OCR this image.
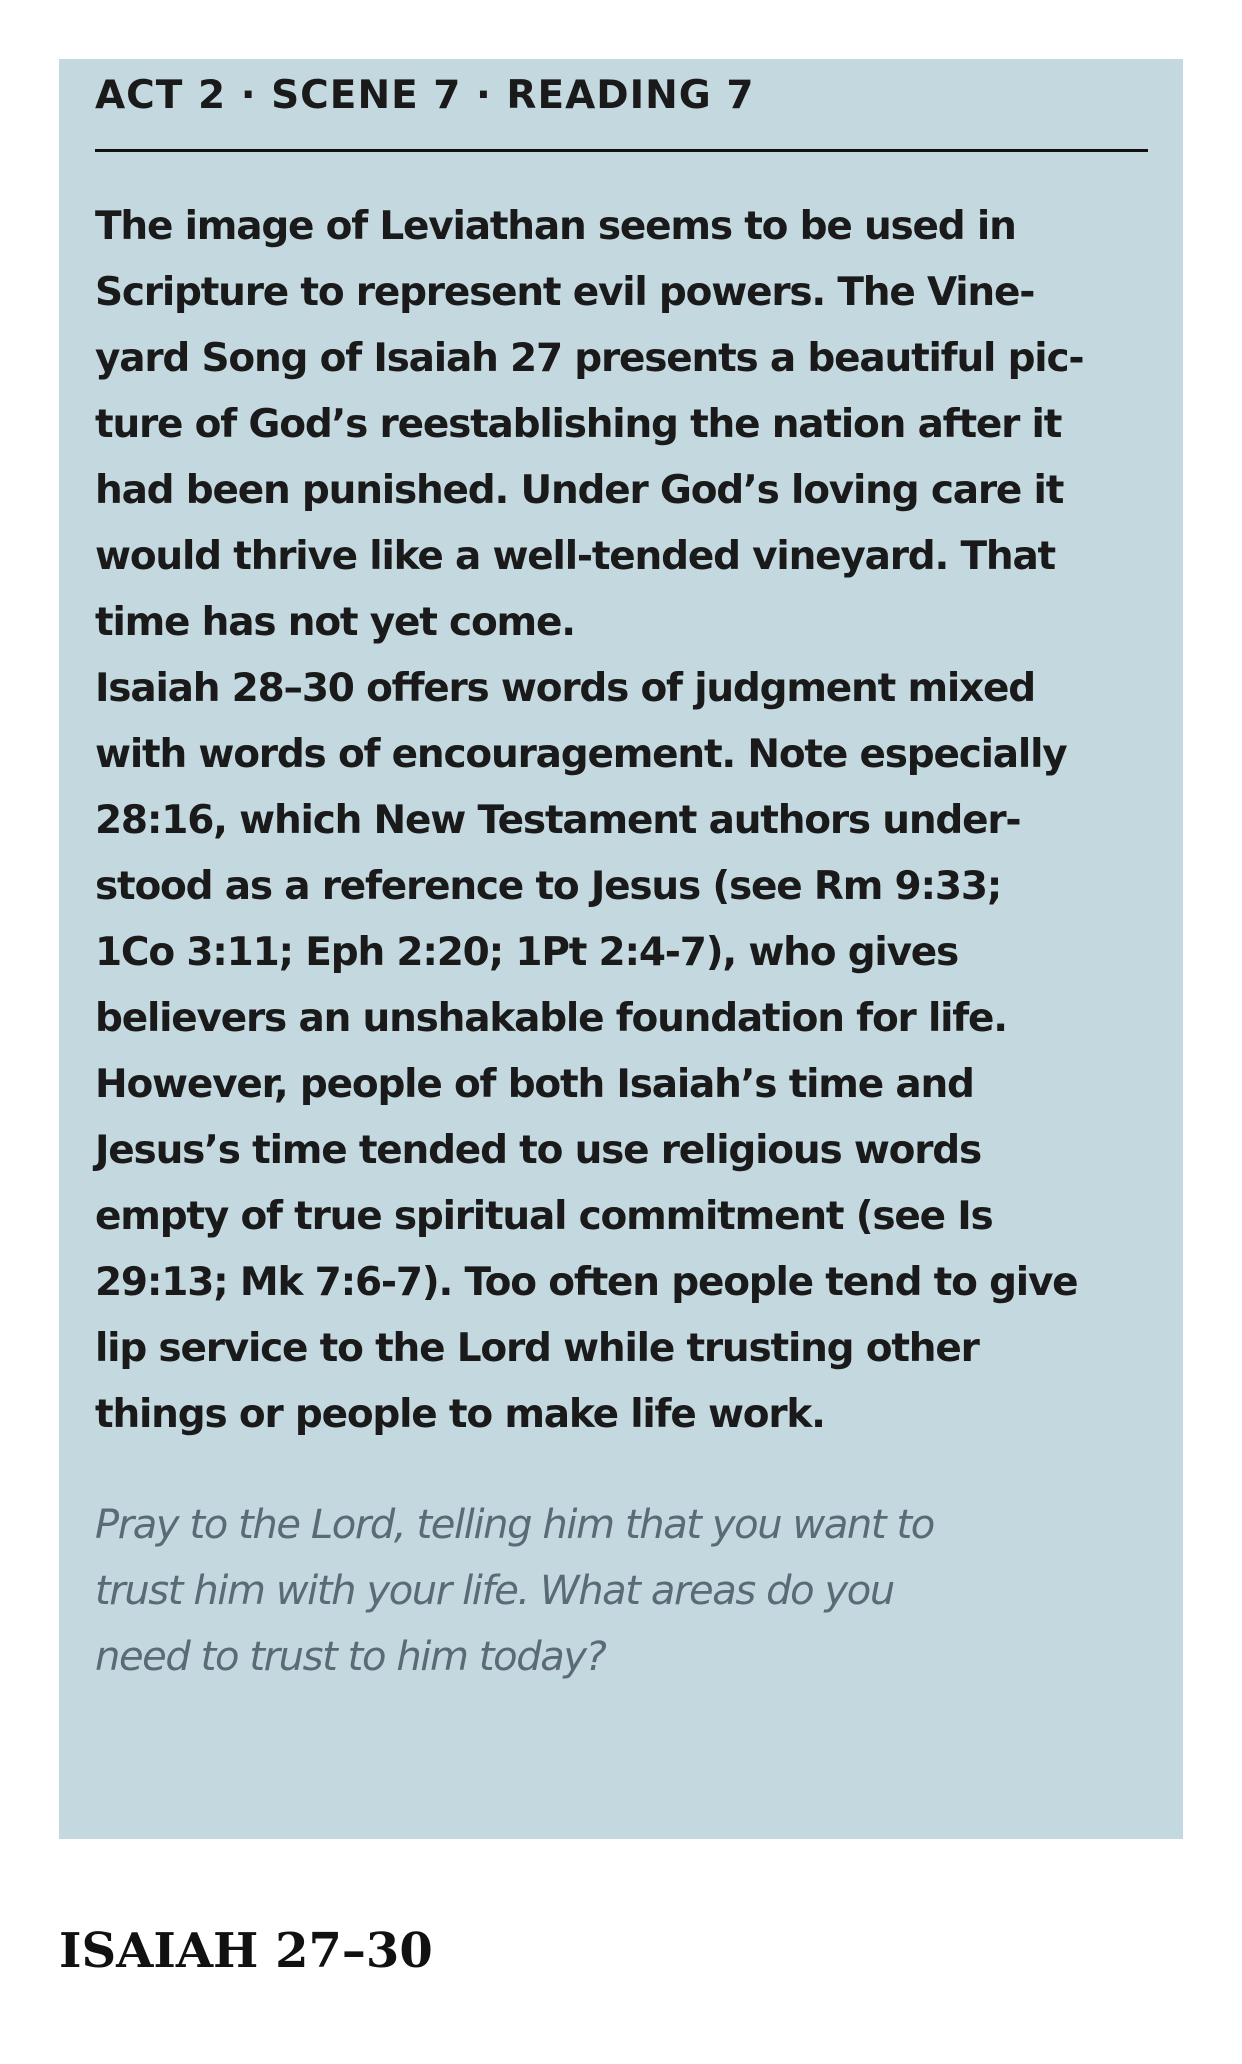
ACT 2 · SCENE 7 · READING 7

The image of Leviathan seems to be used in
Scripture to represent evil powers. The Vine-
yard Song of Isaiah 27 presents a beautiful pic-
ture of God’s reestablishing the nation after it
had been punished. Under God’s loving care it
would thrive like a well-tended vineyard. That
time has not yet come.

Isaiah 28–30 offers words of judgment mixed
with words of encouragement. Note especially
28:16, which New Testament authors under-
stood as a reference to Jesus (see Rm 9:33;
1Co 3:11; Eph 2:20; 1Pt 2:4-7), who gives
believers an unshakable foundation for life.
However, people of both Isaiah’s time and
Jesus’s time tended to use religious words
empty of true spiritual commitment (see Is
29:13; Mk 7:6-7). Too often people tend to give
lip service to the Lord while trusting other
things or people to make life work.

Pray to the Lord, telling him that you want to
trust him with your life. What areas do you
need to trust to him today?
ISAIAH 27–30
